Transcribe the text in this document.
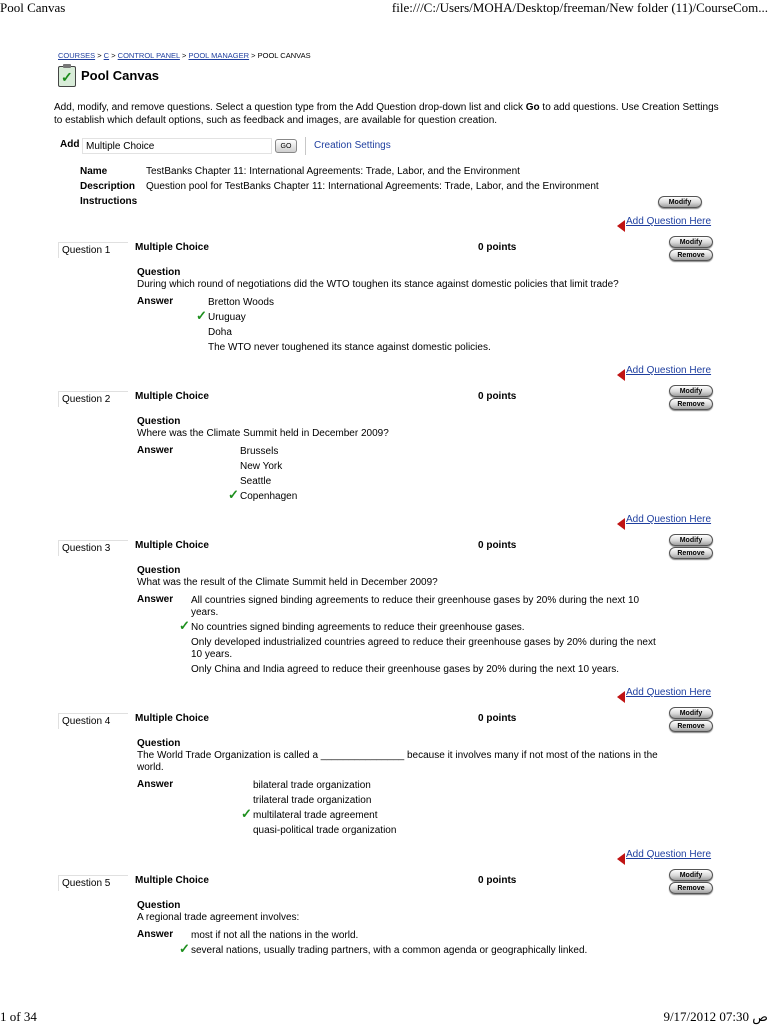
Pool Canvas	file:///C:/Users/MOHA/Desktop/freeman/New folder (11)/CourseCom...
COURSES > C > CONTROL PANEL > POOL MANAGER > POOL CANVAS
✓ Pool Canvas
Add, modify, and remove questions. Select a question type from the Add Question drop-down list and click Go to add questions. Use Creation Settings to establish which default options, such as feedback and images, are available for question creation.
Add Multiple Choice	GO	Creation Settings
Name	TestBanks Chapter 11: International Agreements: Trade, Labor, and the Environment
Description Question pool for TestBanks Chapter 11: International Agreements: Trade, Labor, and the Environment
Instructions	Modify
Add Question Here
Question 1	Multiple Choice	0 points	Modify
Remove
Question
During which round of negotiations did the WTO toughen its stance against domestic policies that limit trade?
Answer	Bretton Woods
Uruguay
✓
Doha
The WTO never toughened its stance against domestic policies.
Add Question Here
Question 2	Multiple Choice	0 points	Modify
Remove
Question
Where was the Climate Summit held in December 2009?
Answer	Brussels
New York
Seattle
Copenhagen
✓
Add Question Here
Question 3	Multiple Choice	0 points	Modify
Remove
Question
What was the result of the Climate Summit held in December 2009?
Answer All countries signed binding agreements to reduce their greenhouse gases by 20% during the next 10 years.
No countries signed binding agreements to reduce their greenhouse gases.
✓
Only developed industrialized countries agreed to reduce their greenhouse gases by 20% during the next 10 years.
Only China and India agreed to reduce their greenhouse gases by 20% during the next 10 years.
Add Question Here
Question 4	Multiple Choice	0 points	Modify
Remove
Question
The World Trade Organization is called a _______________ because it involves many if not most of the nations in the world.
Answer	bilateral trade organization
trilateral trade organization
multilateral trade agreement
✓
quasi-political trade organization
Add Question Here
Question 5	Multiple Choice	0 points	Modify
Remove
Question
A regional trade agreement involves:
Answer most if not all the nations in the world.
several nations, usually trading partners, with a common agenda or geographically linked.
✓
1 of 34	9/17/2012 07:30 ص
